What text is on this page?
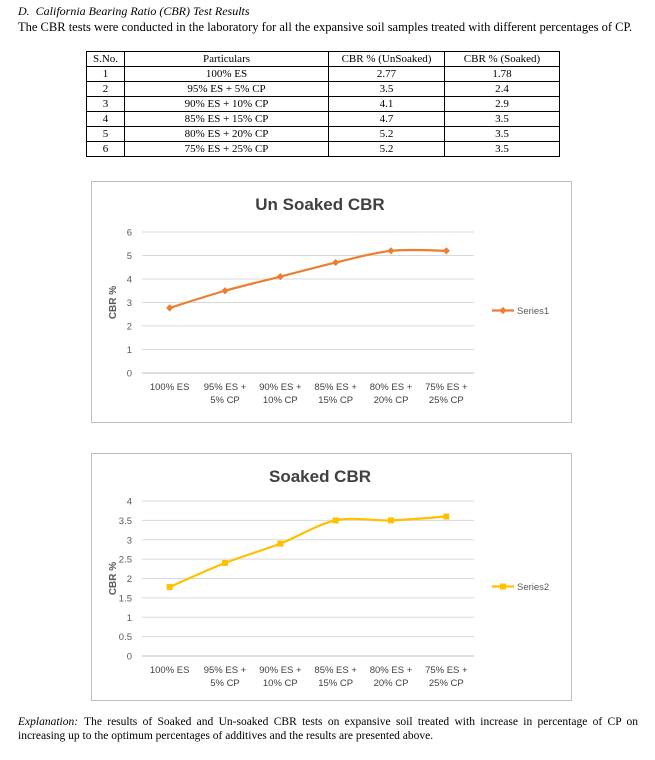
D. California Bearing Ratio (CBR) Test Results
The CBR tests were conducted in the laboratory for all the expansive soil samples treated with different percentages of CP.
S.No.	Particulars	CBR % (UnSoaked)	CBR % (Soaked)
1	100% ES	2.77	1.78
2	95% ES + 5% CP	3.5	2.4
3	90% ES + 10% CP	4.1	2.9
4	85% ES + 15% CP	4.7	3.5
5	80% ES + 20% CP	5.2	3.5
6	75% ES + 25% CP	5.2	3.5
Un Soaked CBR
0
1
2
3
4
5
6
CBR %
100% ES 95% ES + 5% CP
90% ES + 10% CP
85% ES + 15% CP
80% ES + 20% CP
75% ES + 25% CP
Series1
Soaked CBR
0
0.5
1
1.5
2
2.5
3
3.5
4
CBR %
100% ES 95% ES + 5% CP
90% ES + 10% CP
85% ES + 15% CP
80% ES + 20% CP
75% ES + 25% CP
Series2
Explanation: The results of Soaked and Un-soaked CBR tests on expansive soil treated with increase in percentage of CP on increasing up to the optimum percentages of additives and the results are presented above.
